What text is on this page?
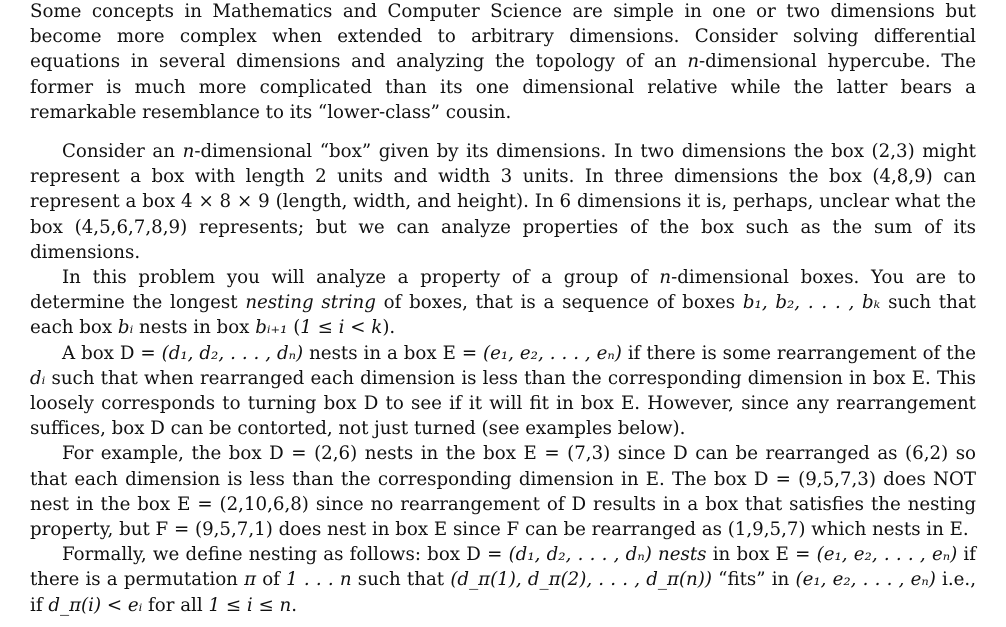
Some concepts in Mathematics and Computer Science are simple in one or two dimensions but become more complex when extended to arbitrary dimensions. Consider solving differential equations in several dimensions and analyzing the topology of an n-dimensional hypercube. The former is much more complicated than its one dimensional relative while the latter bears a remarkable resemblance to its “lower-class” cousin.

Consider an n-dimensional “box” given by its dimensions. In two dimensions the box (2,3) might represent a box with length 2 units and width 3 units. In three dimensions the box (4,8,9) can represent a box 4 × 8 × 9 (length, width, and height). In 6 dimensions it is, perhaps, unclear what the box (4,5,6,7,8,9) represents; but we can analyze properties of the box such as the sum of its dimensions.

In this problem you will analyze a property of a group of n-dimensional boxes. You are to determine the longest nesting string of boxes, that is a sequence of boxes b₁, b₂, . . . , bₖ such that each box bᵢ nests in box bᵢ₊₁ (1 ≤ i < k).

A box D = (d₁, d₂, . . . , dₙ) nests in a box E = (e₁, e₂, . . . , eₙ) if there is some rearrangement of the dᵢ such that when rearranged each dimension is less than the corresponding dimension in box E. This loosely corresponds to turning box D to see if it will fit in box E. However, since any rearrangement suffices, box D can be contorted, not just turned (see examples below).

For example, the box D = (2,6) nests in the box E = (7,3) since D can be rearranged as (6,2) so that each dimension is less than the corresponding dimension in E. The box D = (9,5,7,3) does NOT nest in the box E = (2,10,6,8) since no rearrangement of D results in a box that satisfies the nesting property, but F = (9,5,7,1) does nest in box E since F can be rearranged as (1,9,5,7) which nests in E.

Formally, we define nesting as follows: box D = (d₁, d₂, . . . , dₙ) nests in box E = (e₁, e₂, . . . , eₙ) if there is a permutation π of 1 . . . n such that (d_π(1), d_π(2), . . . , d_π(n)) “fits” in (e₁, e₂, . . . , eₙ) i.e., if d_π(i) < eᵢ for all 1 ≤ i ≤ n.
